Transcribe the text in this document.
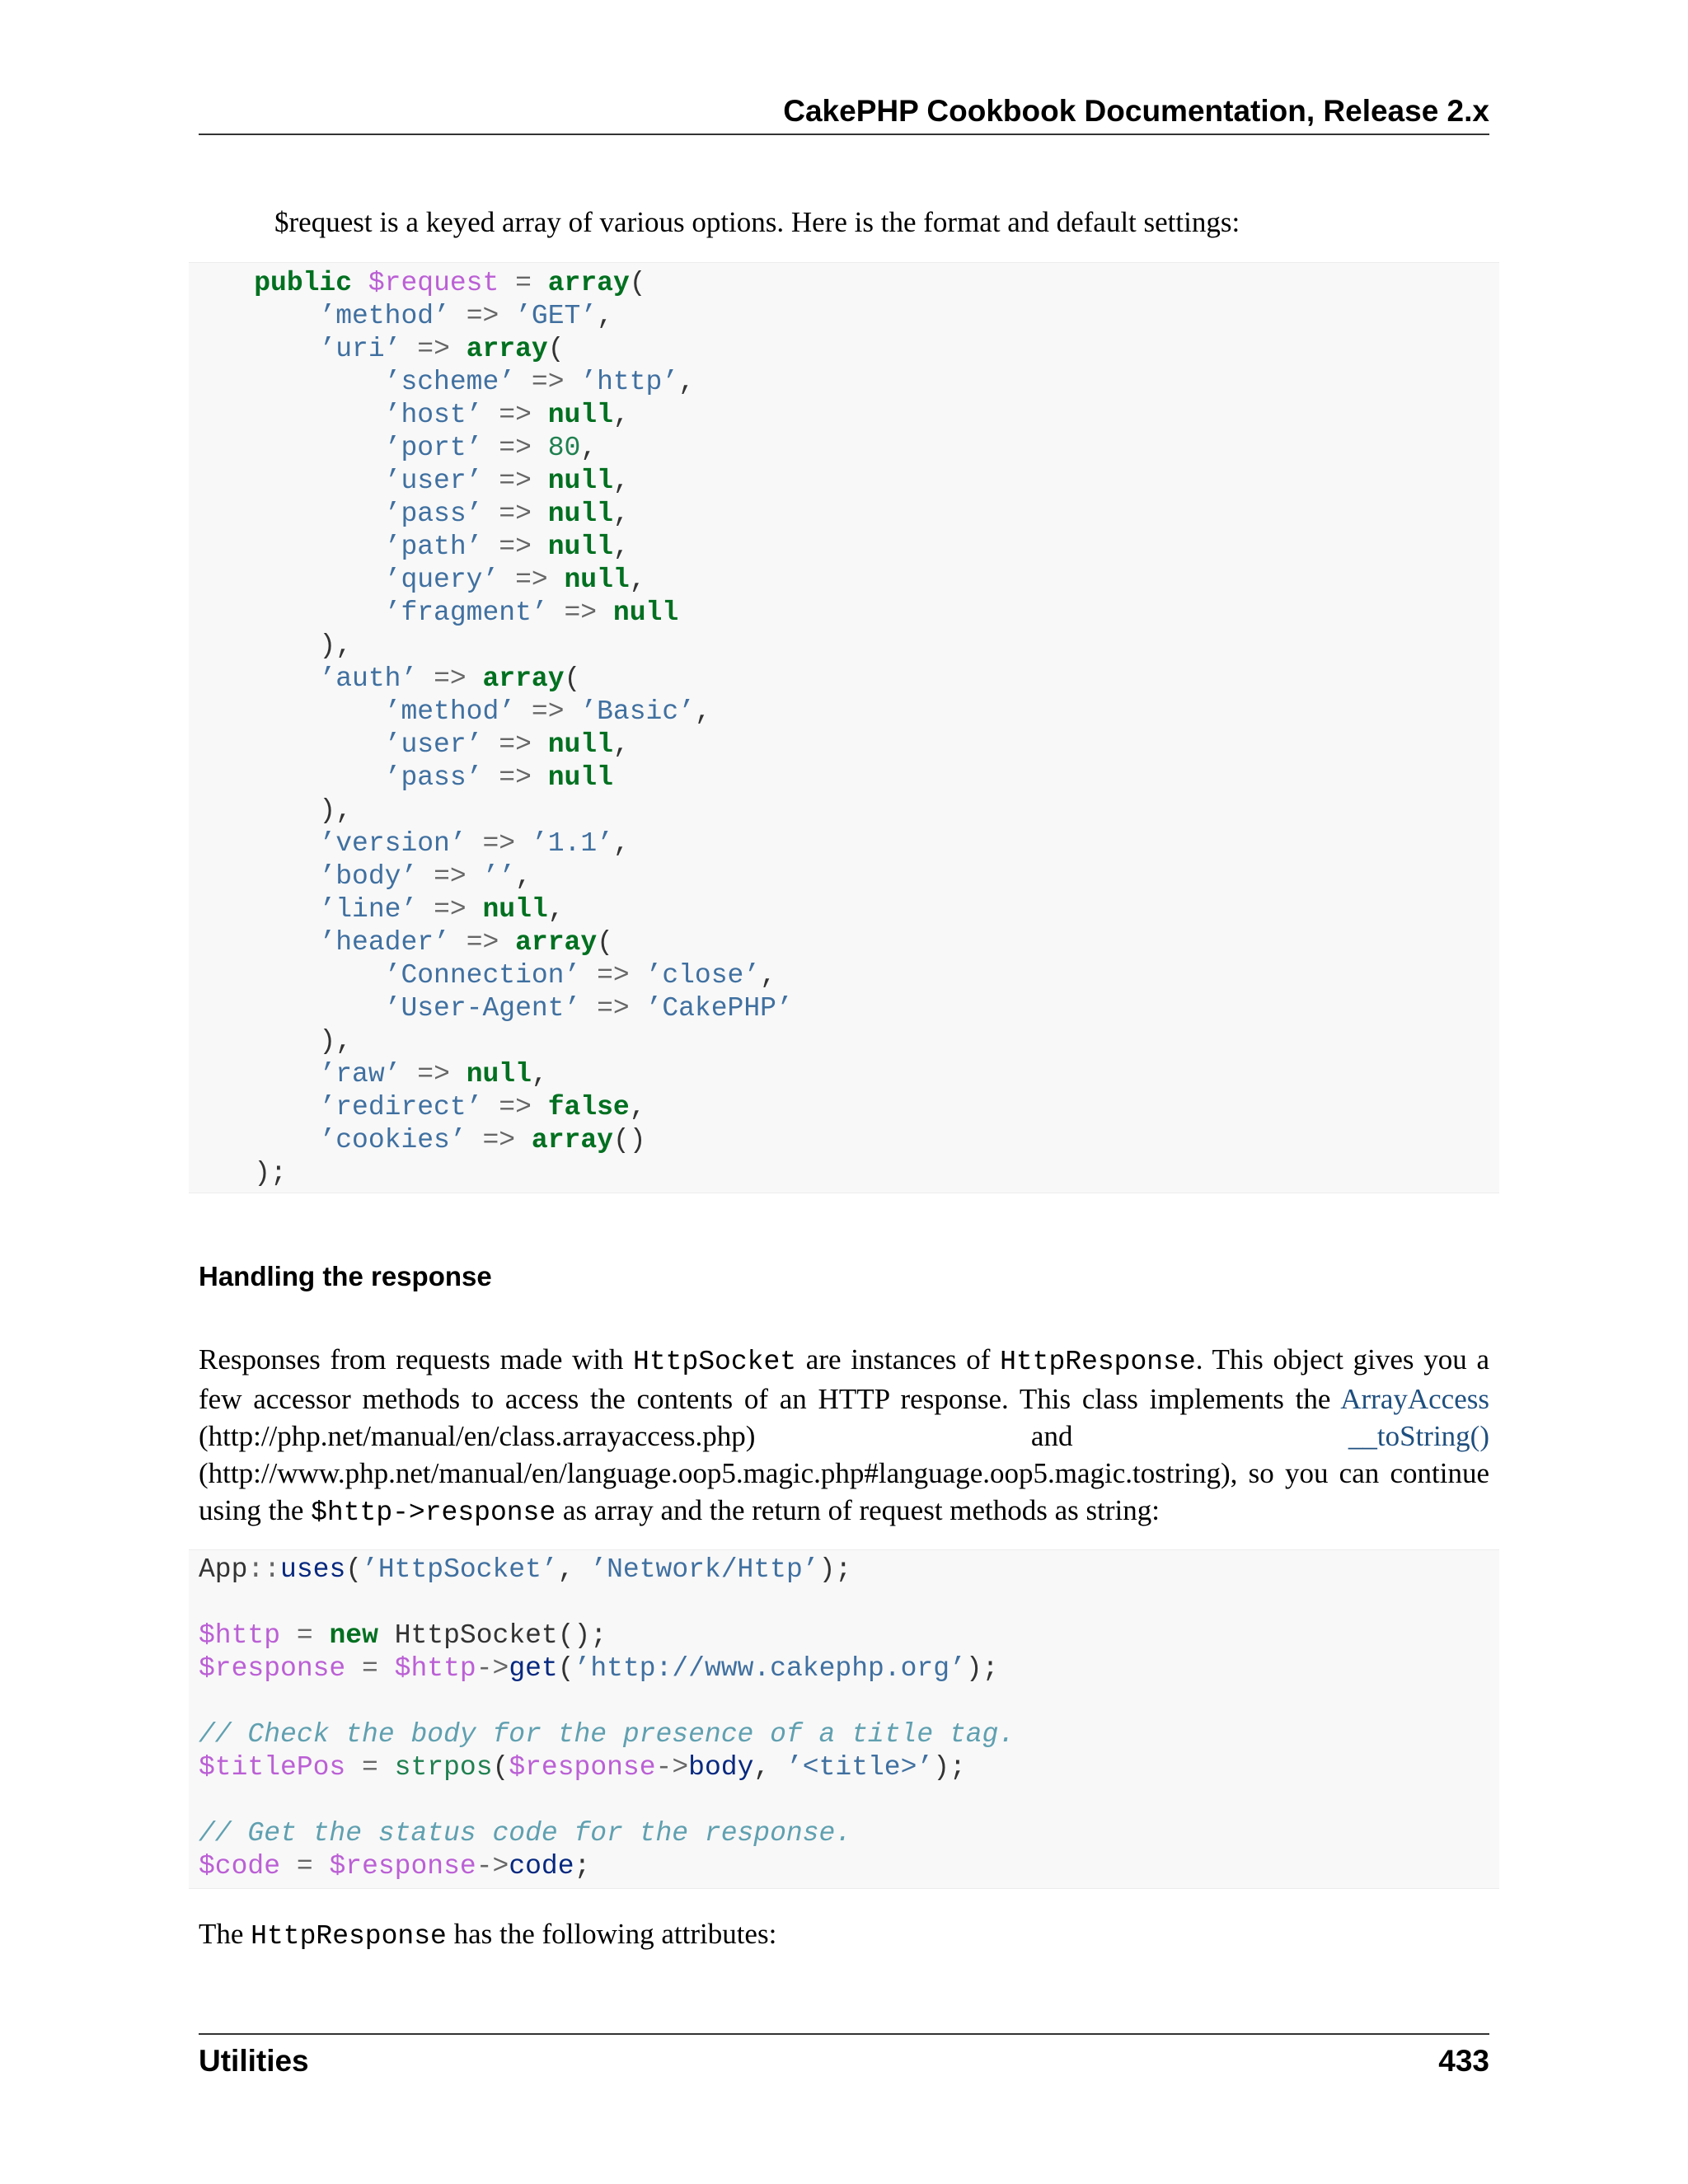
CakePHP Cookbook Documentation, Release 2.x

$request is a keyed array of various options. Here is the format and default settings:

public $request = array(
’method’ => ’GET’,
’uri’ => array(
’scheme’ => ’http’,
’host’ => null,
’port’ => 80,
’user’ => null,
’pass’ => null,
’path’ => null,
’query’ => null,
’fragment’ => null
),
’auth’ => array(
’method’ => ’Basic’,
’user’ => null,
’pass’ => null
),
’version’ => ’1.1’,
’body’ => ’’,
’line’ => null,
’header’ => array(
’Connection’ => ’close’,
’User-Agent’ => ’CakePHP’
),
’raw’ => null,
’redirect’ => false,
’cookies’ => array()
);
Handling the response

Responses from requests made with HttpSocket are instances of HttpResponse. This object gives you a few accessor methods to access the contents of an HTTP response. This class implements the ArrayAccess (http://php.net/manual/en/class.arrayaccess.php) and __toString() (http://www.php.net/manual/en/language.oop5.magic.php#language.oop5.magic.tostring), so you can continue using the $http->response as array and the return of request methods as string:

App::uses(’HttpSocket’, ’Network/Http’);

$http = new HttpSocket();
$response = $http->get(’http://www.cakephp.org’);

// Check the body for the presence of a title tag.
$titlePos = strpos($response->body, ’<title>’);

// Get the status code for the response.
$code = $response->code;

The HttpResponse has the following attributes:

Utilities	433
